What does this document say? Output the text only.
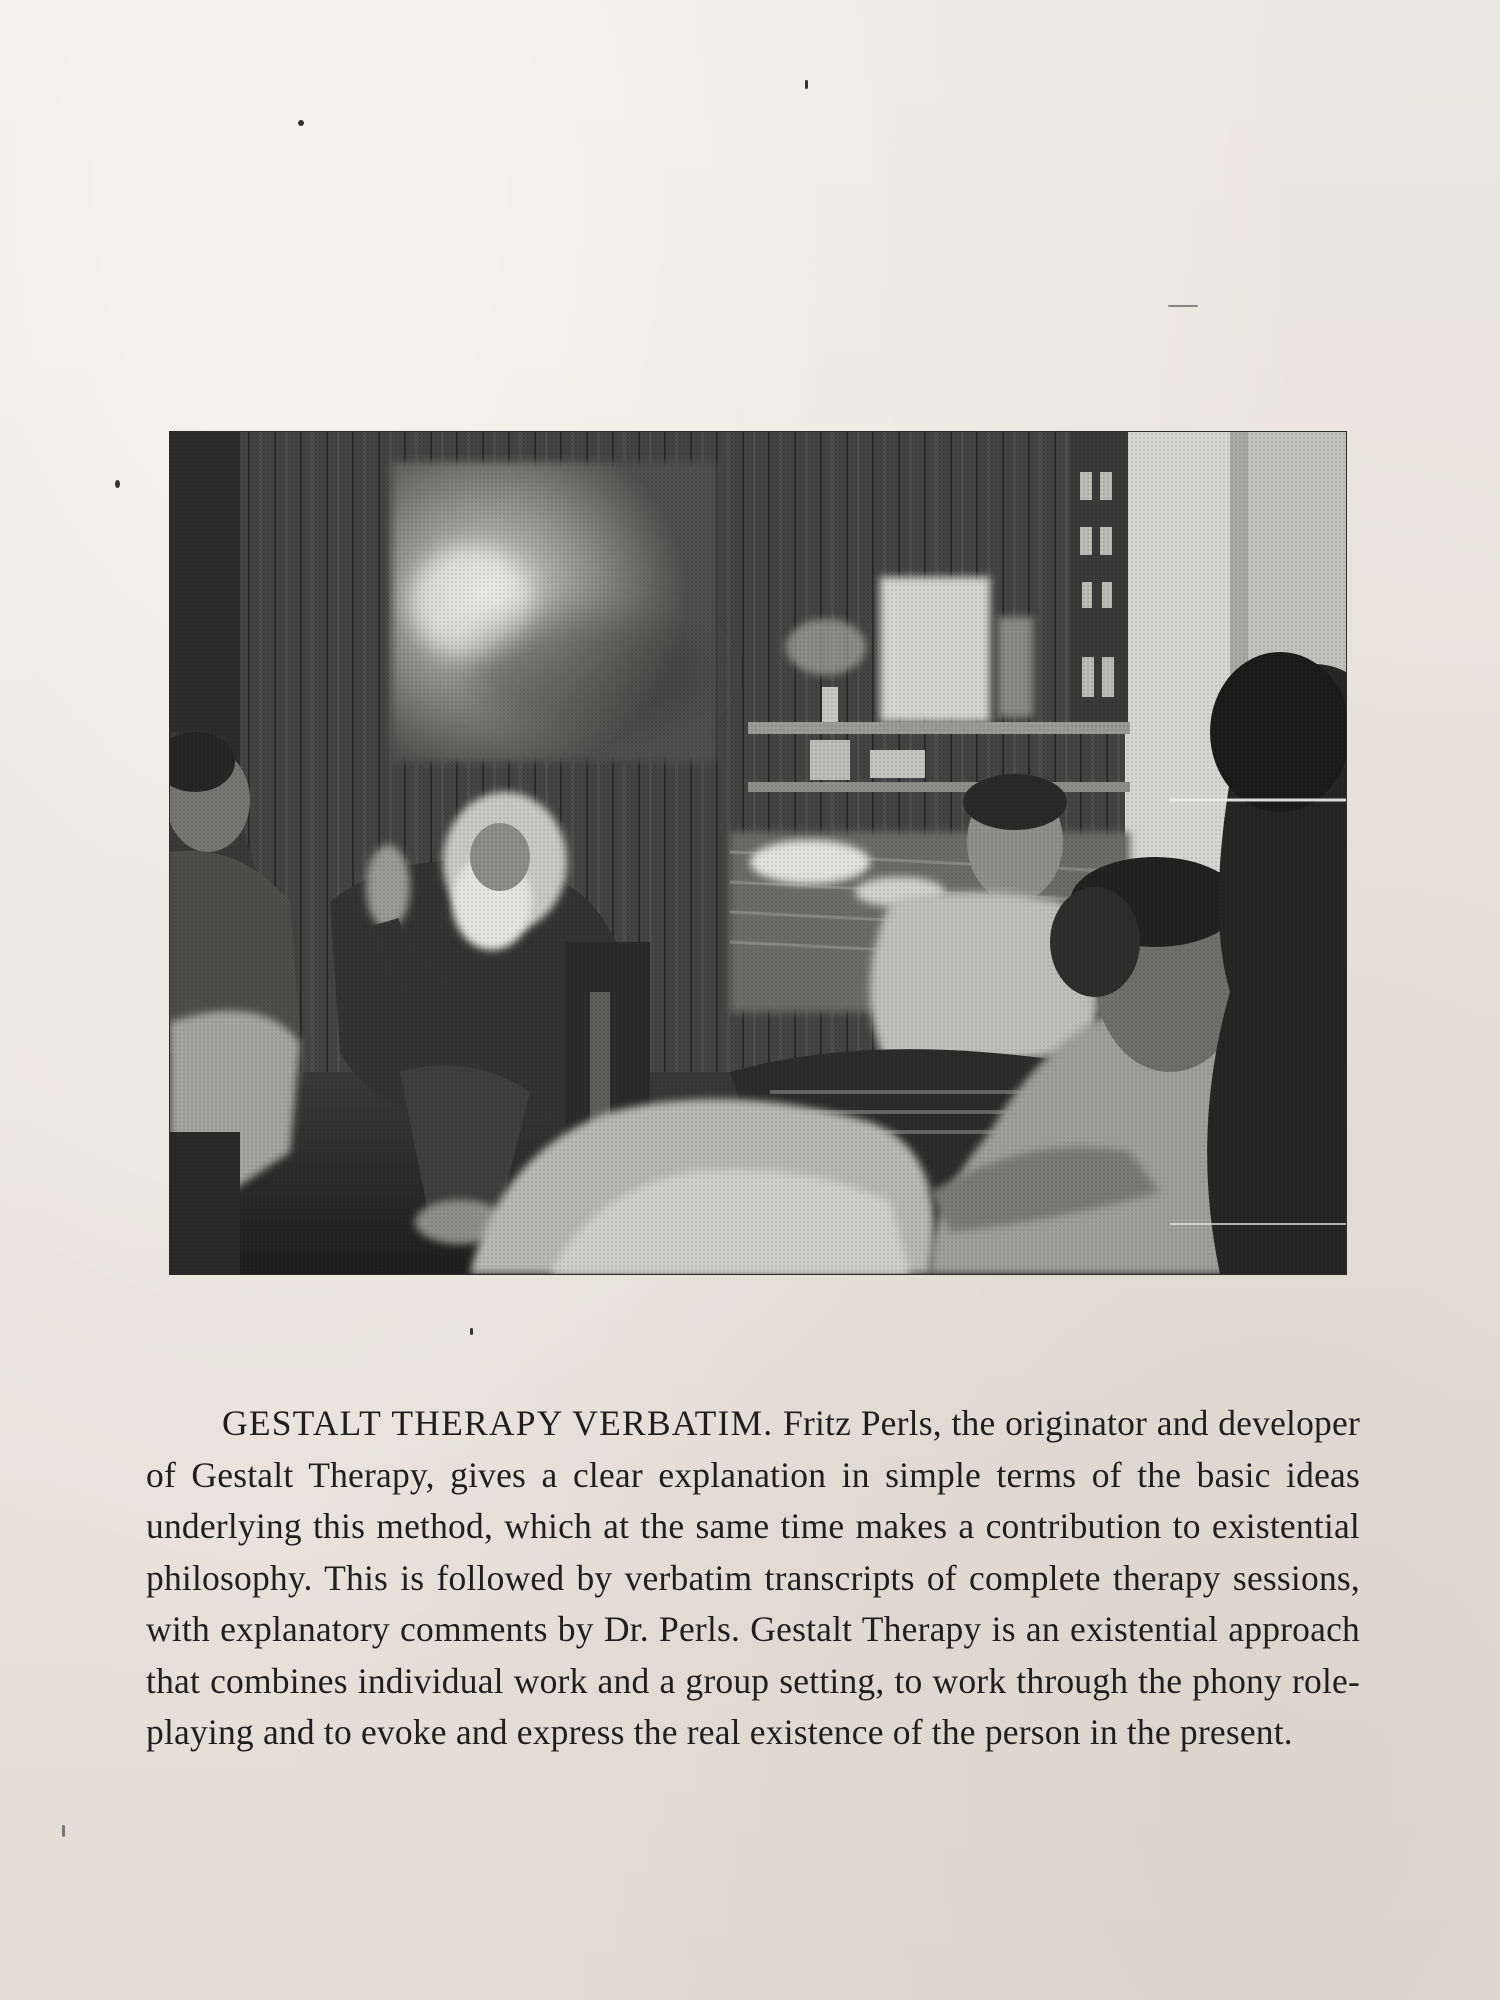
GESTALT THERAPY VERBATIM. Fritz Perls, the originator and developer of Gestalt Therapy, gives a clear explanation in simple terms of the basic ideas underlying this method, which at the same time makes a contribution to existential philosophy. This is followed by verbatim transcripts of complete therapy sessions, with explanatory comments by Dr. Perls. Gestalt Therapy is an existential approach that combines individual work and a group setting, to work through the phony role-playing and to evoke and express the real existence of the person in the present.
